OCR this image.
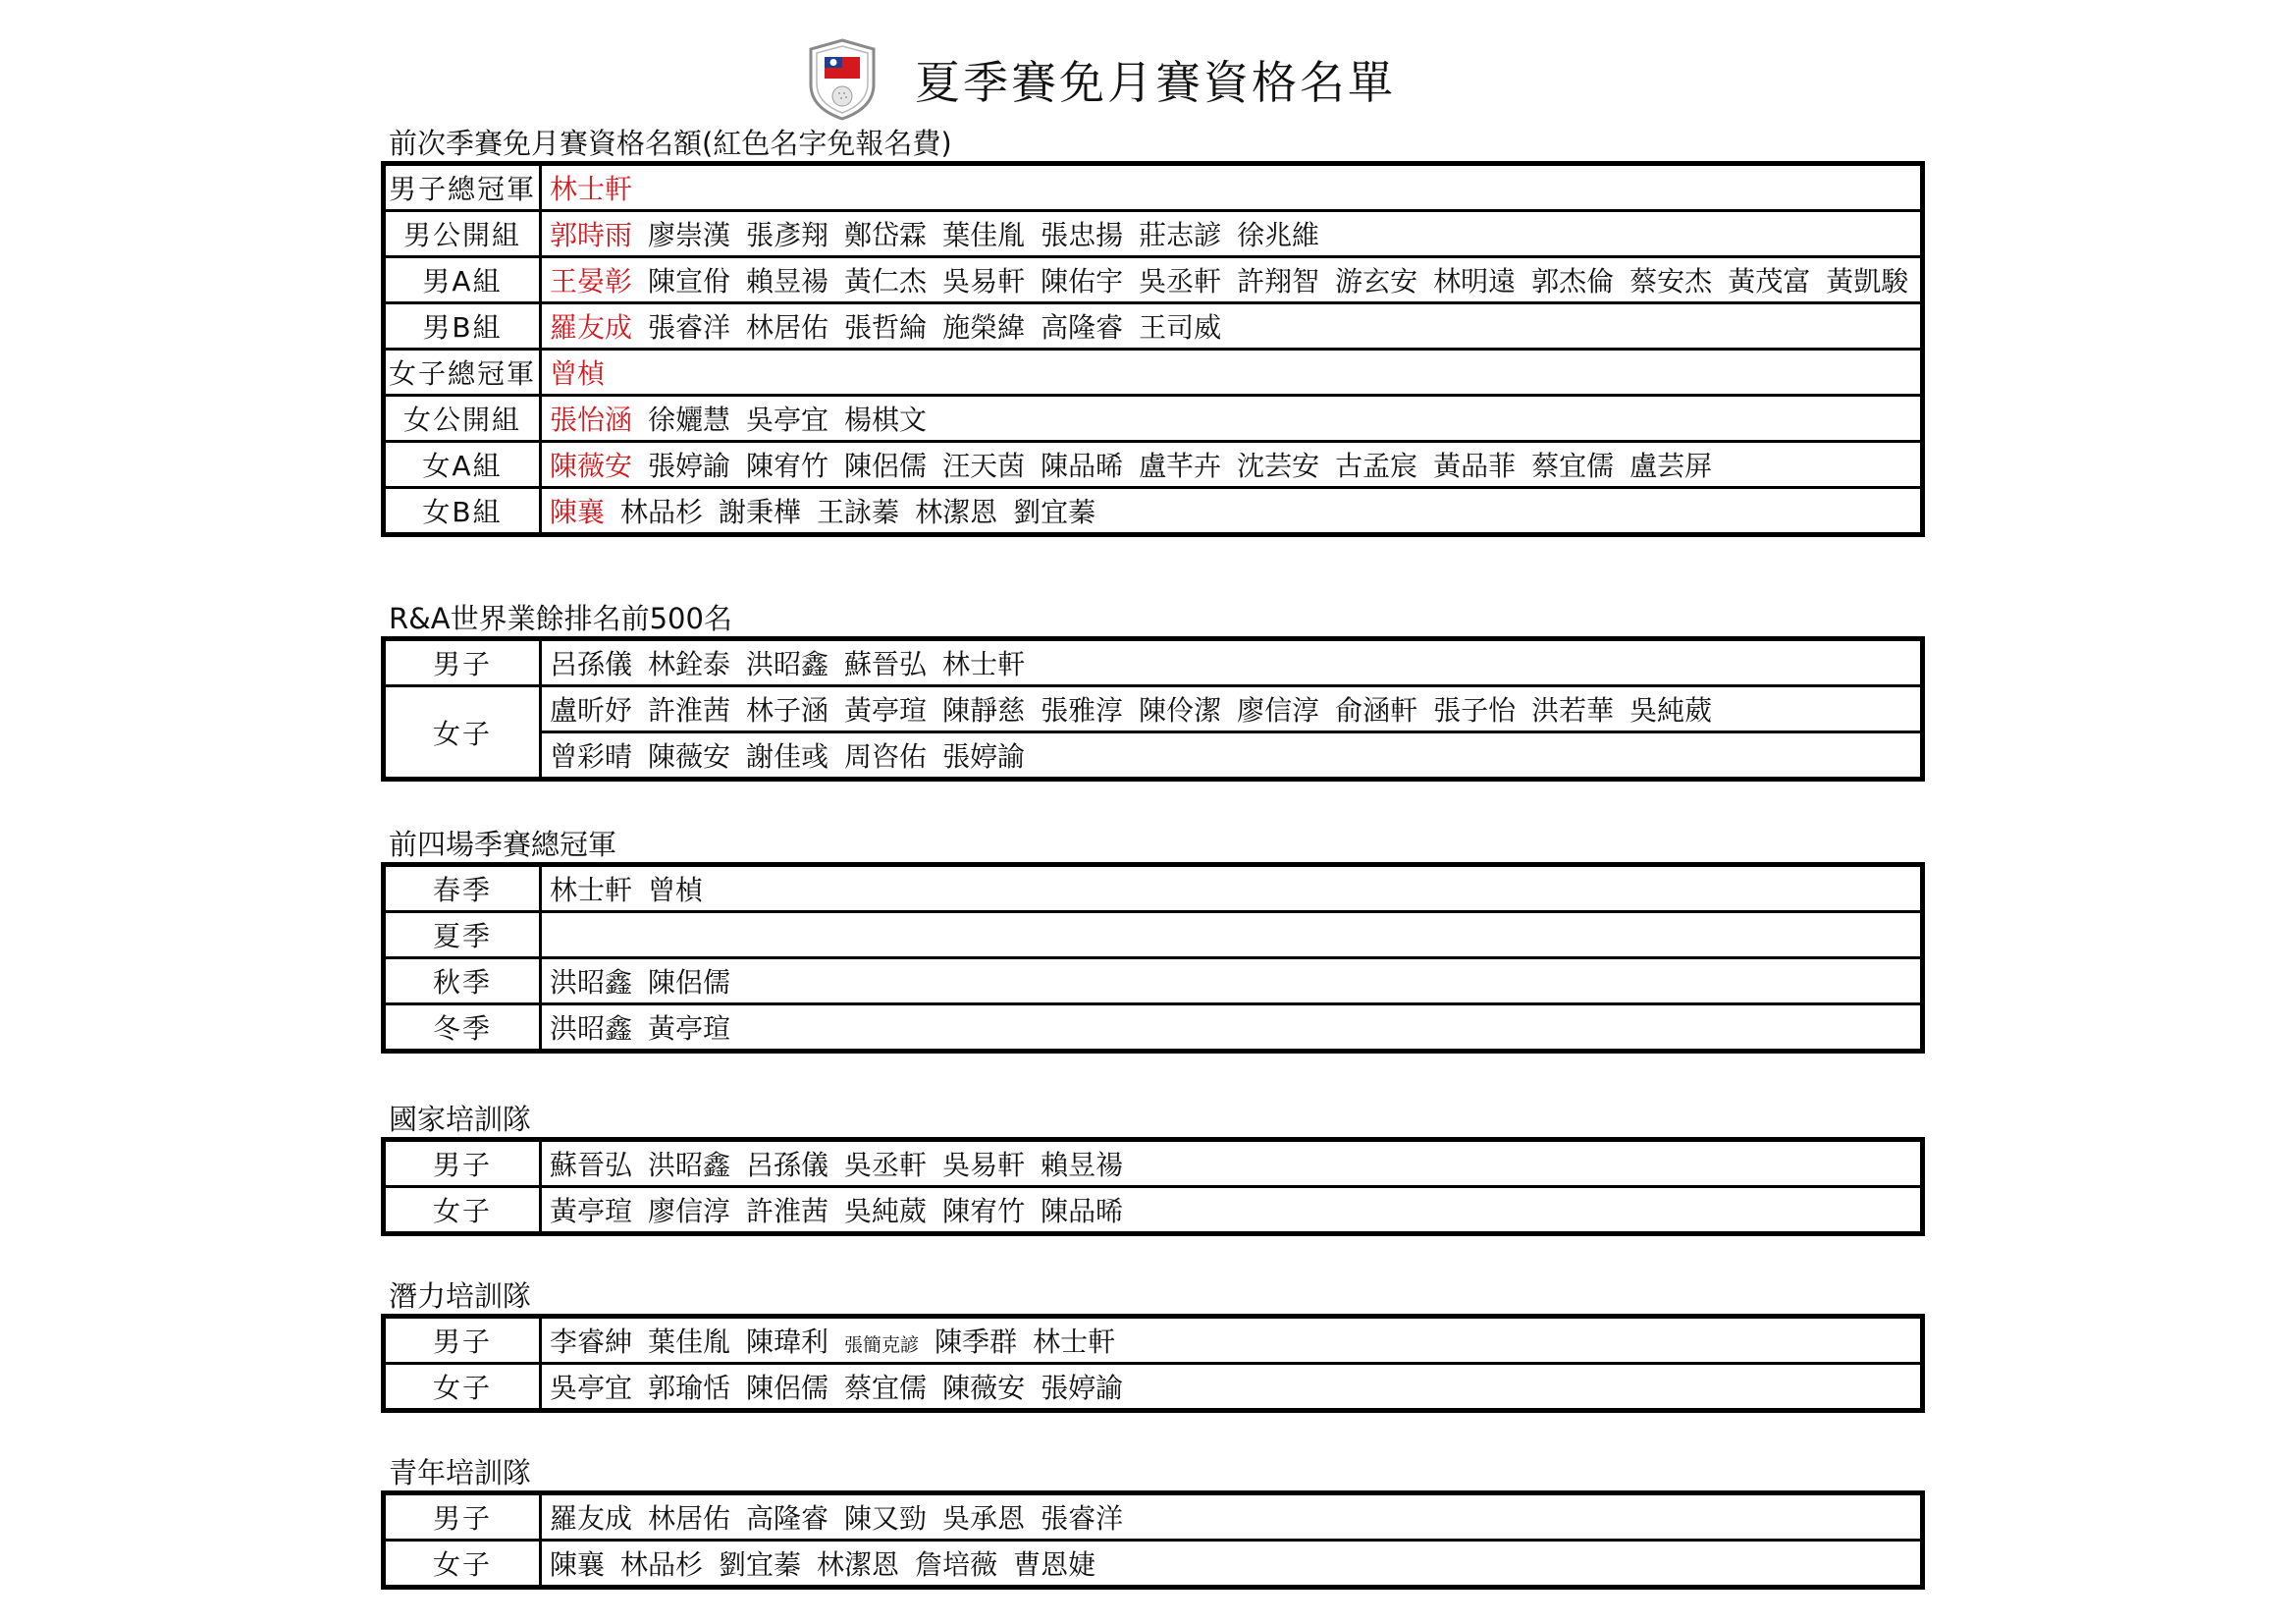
夏季賽免月賽資格名單
前次季賽免月賽資格名額(紅色名字免報名費)
男子總冠軍	林士軒
男公開組	郭時雨 廖崇漢 張彥翔 鄭岱霖 葉佳胤 張忠揚 莊志諺 徐兆維
男A組	王晏彰 陳宣佾 賴昱禓 黃仁杰 吳易軒 陳佑宇 吳丞軒 許翔智 游玄安 林明遠 郭杰倫 蔡安杰 黃茂富 黃凱駿
男B組	羅友成 張睿洋 林居佑 張哲綸 施榮緯 高隆睿 王司威
女子總冠軍	曾楨
女公開組	張怡涵 徐孋慧 吳亭宜 楊棋文
女A組	陳薇安 張婷諭 陳宥竹 陳侶儒 汪天茵 陳品晞 盧芊卉 沈芸安 古孟宸 黃品菲 蔡宜儒 盧芸屏
女B組	陳襄 林品杉 謝秉樺 王詠蓁 林潔恩 劉宜蓁
R&A世界業餘排名前500名
男子	呂孫儀 林銓泰 洪昭鑫 蘇晉弘 林士軒
女子	盧昕妤 許淮茜 林子涵 黃亭瑄 陳靜慈 張雅淳 陳伶潔 廖信淳 俞涵軒 張子怡 洪若華 吳純葳
	曾彩晴 陳薇安 謝佳彧 周咨佑 張婷諭
前四場季賽總冠軍
春季	林士軒 曾楨
夏季	
秋季	洪昭鑫 陳侶儒
冬季	洪昭鑫 黃亭瑄
國家培訓隊
男子	蘇晉弘 洪昭鑫 呂孫儀 吳丞軒 吳易軒 賴昱禓
女子	黃亭瑄 廖信淳 許淮茜 吳純葳 陳宥竹 陳品晞
潛力培訓隊
男子	李睿紳 葉佳胤 陳瑋利 張簡克諺 陳季群 林士軒
女子	吳亭宜 郭瑜恬 陳侶儒 蔡宜儒 陳薇安 張婷諭
青年培訓隊
男子	羅友成 林居佑 高隆睿 陳又勁 吳承恩 張睿洋
女子	陳襄 林品杉 劉宜蓁 林潔恩 詹培薇 曹恩婕
